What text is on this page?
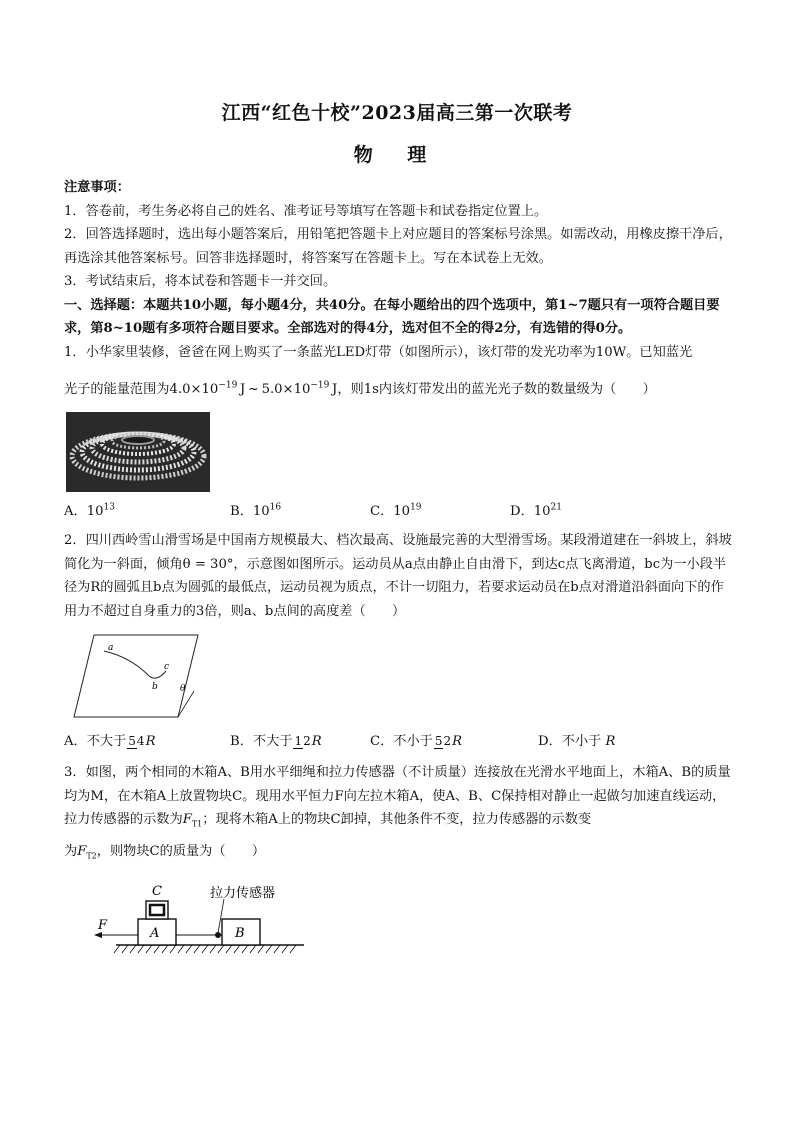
江西“红色十校”2023届高三第一次联考
物 理

注意事项：

1．答卷前，考生务必将自己的姓名、准考证号等填写在答题卡和试卷指定位置上。

2．回答选择题时，选出每小题答案后，用铅笔把答题卡上对应题目的答案标号涂黑。如需改动，用橡皮擦干净后，再选涂其他答案标号。回答非选择题时，将答案写在答题卡上。写在本试卷上无效。

3．考试结束后，将本试卷和答题卡一并交回。

一、选择题：本题共10小题，每小题4分，共40分。在每小题给出的四个选项中，第1~7题只有一项符合题目要求，第8~10题有多项符合题目要求。全部选对的得4分，选对但不全的得2分，有选错的得0分。

1．小华家里装修，爸爸在网上购买了一条蓝光LED灯带（如图所示），该灯带的发光功率为10W。已知蓝光

光子的能量范围为$4.0\times 10^{-19}$  J ~ $5.0\times 10^{-19}$  J，则1s内该灯带发出的蓝光光子数的数量级为（　　）

A．$10^{13}$	B．$10^{16}$	C．$10^{19}$	D．$10^{21}$

2．四川西岭雪山滑雪场是中国南方规模最大、档次最高、设施最完善的大型滑雪场。某段滑道建在一斜坡上，斜坡简化为一斜面，倾角θ = 30°，示意图如图所示。运动员从a点由静止自由滑下，到达c点飞离滑道，bc为一小段半径为R的圆弧且b点为圆弧的最低点，运动员视为质点，不计一切阻力，若要求运动员在b点对滑道沿斜面向下的作用力不超过自身重力的3倍，则a、b点间的高度差（　　）

a
b
c
θ
A．不大于 54R	B．不大于 12R	C．不小于 52R	D．不小于 R

3．如图，两个相同的木箱A、B用水平细绳和拉力传感器（不计质量）连接放在光滑水平地面上，木箱A、B的质量均为M，在木箱A上放置物块C。现用水平恒力F向左拉木箱A，使A、B、C保持相对静止一起做匀加速直线运动，拉力传感器的示数为$F_{T1}$；现将木箱A上的物块C卸掉，其他条件不变，拉力传感器的示数变

为$F_{T2}$，则物块C的质量为（　　）

F
A	B
C	拉力传感器
